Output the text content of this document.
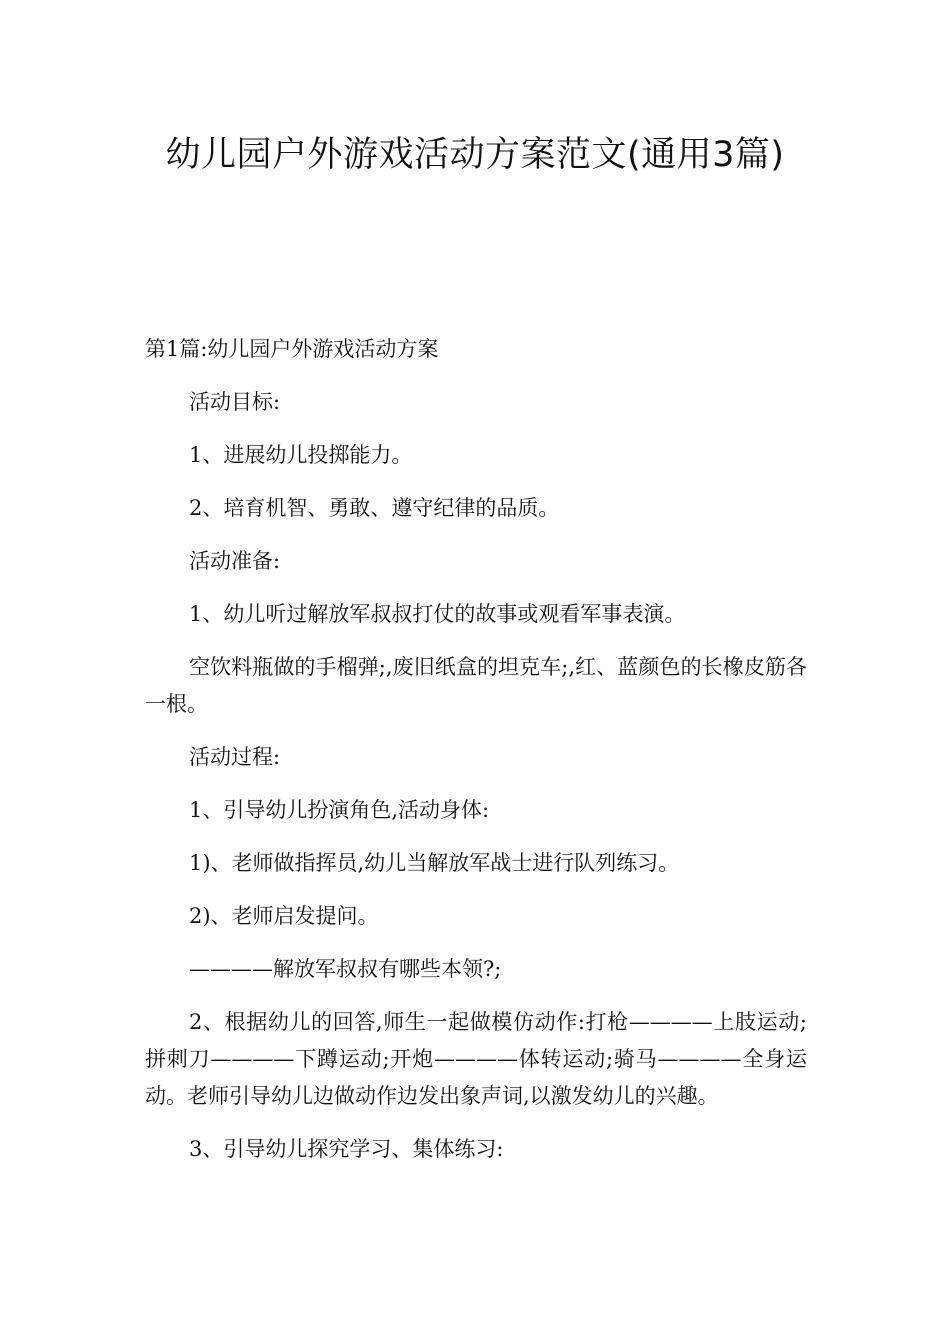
幼儿园户外游戏活动方案范文(通用3篇)

第1篇:幼儿园户外游戏活动方案

活动目标:

1、进展幼儿投掷能力。

2、培育机智、勇敢、遵守纪律的品质。

活动准备:

1、幼儿听过解放军叔叔打仗的故事或观看军事表演。

空饮料瓶做的手榴弹;,废旧纸盒的坦克车;,红、蓝颜色的长橡皮筋各一根。

活动过程:

1、引导幼儿扮演角色,活动身体:

1)、老师做指挥员,幼儿当解放军战士进行队列练习。

2)、老师启发提问。

————解放军叔叔有哪些本领?;

2、根据幼儿的回答,师生一起做模仿动作:打枪————上肢运动;拼刺刀————下蹲运动;开炮————体转运动;骑马————全身运动。老师引导幼儿边做动作边发出象声词,以激发幼儿的兴趣。

3、引导幼儿探究学习、集体练习:
